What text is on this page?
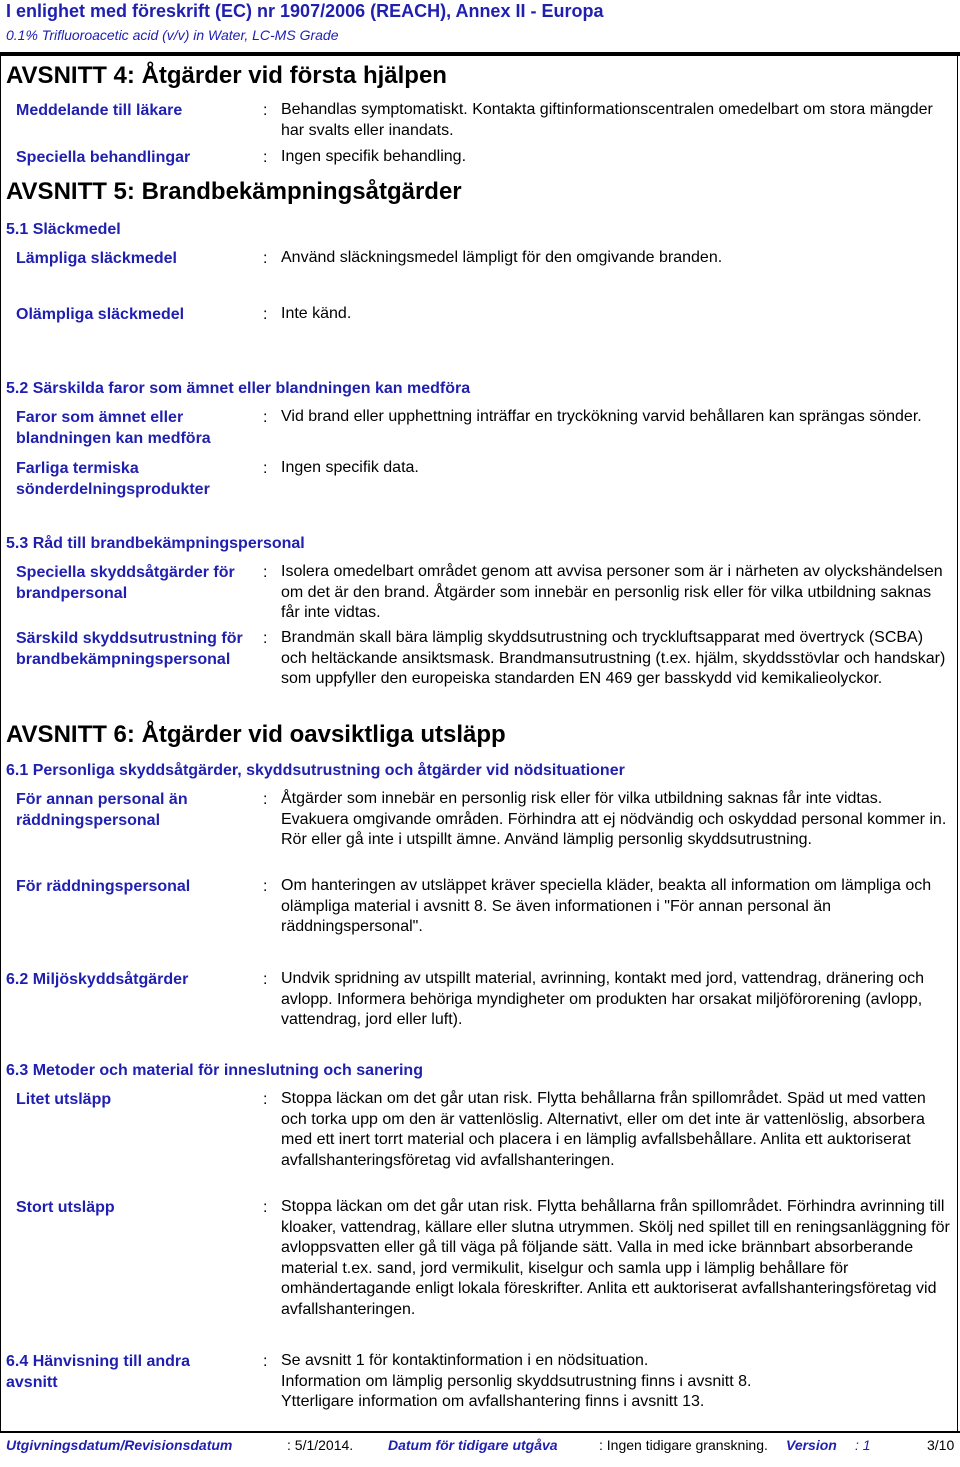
I enlighet med föreskrift (EC) nr 1907/2006 (REACH), Annex II - Europa
0.1% Trifluoroacetic acid (v/v) in Water, LC-MS Grade
AVSNITT 4: Åtgärder vid första hjälpen
Meddelande till läkare	: Behandlas symptomatiskt. Kontakta giftinformationscentralen omedelbart om stora mängder har svalts eller inandats.
Speciella behandlingar	: Ingen specifik behandling.
AVSNITT 5: Brandbekämpningsåtgärder
5.1 Släckmedel
Lämpliga släckmedel	: Använd släckningsmedel lämpligt för den omgivande branden.
Olämpliga släckmedel	: Inte känd.
5.2 Särskilda faror som ämnet eller blandningen kan medföra
Faror som ämnet eller blandningen kan medföra
: Vid brand eller upphettning inträffar en tryckökning varvid behållaren kan sprängas sönder.
Farliga termiska sönderdelningsprodukter
: Ingen specifik data.
5.3 Råd till brandbekämpningspersonal
Speciella skyddsåtgärder för brandpersonal
: Isolera omedelbart området genom att avvisa personer som är i närheten av olyckshändelsen om det är den brand. Åtgärder som innebär en personlig risk eller för vilka utbildning saknas får inte vidtas.
Särskild skyddsutrustning för brandbekämpningspersonal
: Brandmän skall bära lämplig skyddsutrustning och tryckluftsapparat med övertryck (SCBA) och heltäckande ansiktsmask. Brandmansutrustning (t.ex. hjälm, skyddsstövlar och handskar) som uppfyller den europeiska standarden EN 469 ger basskydd vid kemikalieolyckor.
AVSNITT 6: Åtgärder vid oavsiktliga utsläpp
6.1 Personliga skyddsåtgärder, skyddsutrustning och åtgärder vid nödsituationer
För annan personal än räddningspersonal
: Åtgärder som innebär en personlig risk eller för vilka utbildning saknas får inte vidtas. Evakuera omgivande områden. Förhindra att ej nödvändig och oskyddad personal kommer in. Rör eller gå inte i utspillt ämne. Använd lämplig personlig skyddsutrustning.
För räddningspersonal	: Om hanteringen av utsläppet kräver speciella kläder, beakta all information om lämpliga och olämpliga material i avsnitt 8. Se även informationen i "För annan personal än räddningspersonal".
6.2 Miljöskyddsåtgärder	: Undvik spridning av utspillt material, avrinning, kontakt med jord, vattendrag, dränering och avlopp. Informera behöriga myndigheter om produkten har orsakat miljöförorening (avlopp, vattendrag, jord eller luft).
6.3 Metoder och material för inneslutning och sanering
Litet utsläpp	: Stoppa läckan om det går utan risk. Flytta behållarna från spillområdet. Späd ut med vatten och torka upp om den är vattenlöslig. Alternativt, eller om det inte är vattenlöslig, absorbera med ett inert torrt material och placera i en lämplig avfallsbehållare. Anlita ett auktoriserat avfallshanteringsföretag vid avfallshanteringen.
Stort utsläpp	: Stoppa läckan om det går utan risk. Flytta behållarna från spillområdet. Förhindra avrinning till kloaker, vattendrag, källare eller slutna utrymmen. Skölj ned spillet till en reningsanläggning för avloppsvatten eller gå till väga på följande sätt. Valla in med icke brännbart absorberande material t.ex. sand, jord vermikulit, kiselgur och samla upp i lämplig behållare för omhändertagande enligt lokala föreskrifter. Anlita ett auktoriserat avfallshanteringsföretag vid avfallshanteringen.
6.4 Hänvisning till andra avsnitt
: Se avsnitt 1 för kontaktinformation i en nödsituation.
Information om lämplig personlig skyddsutrustning finns i avsnitt 8.
Ytterligare information om avfallshantering finns i avsnitt 13.
Utgivningsdatum/Revisionsdatum	: 5/1/2014. Datum för tidigare utgåva	: Ingen tidigare granskning. Version : 1	3/10
